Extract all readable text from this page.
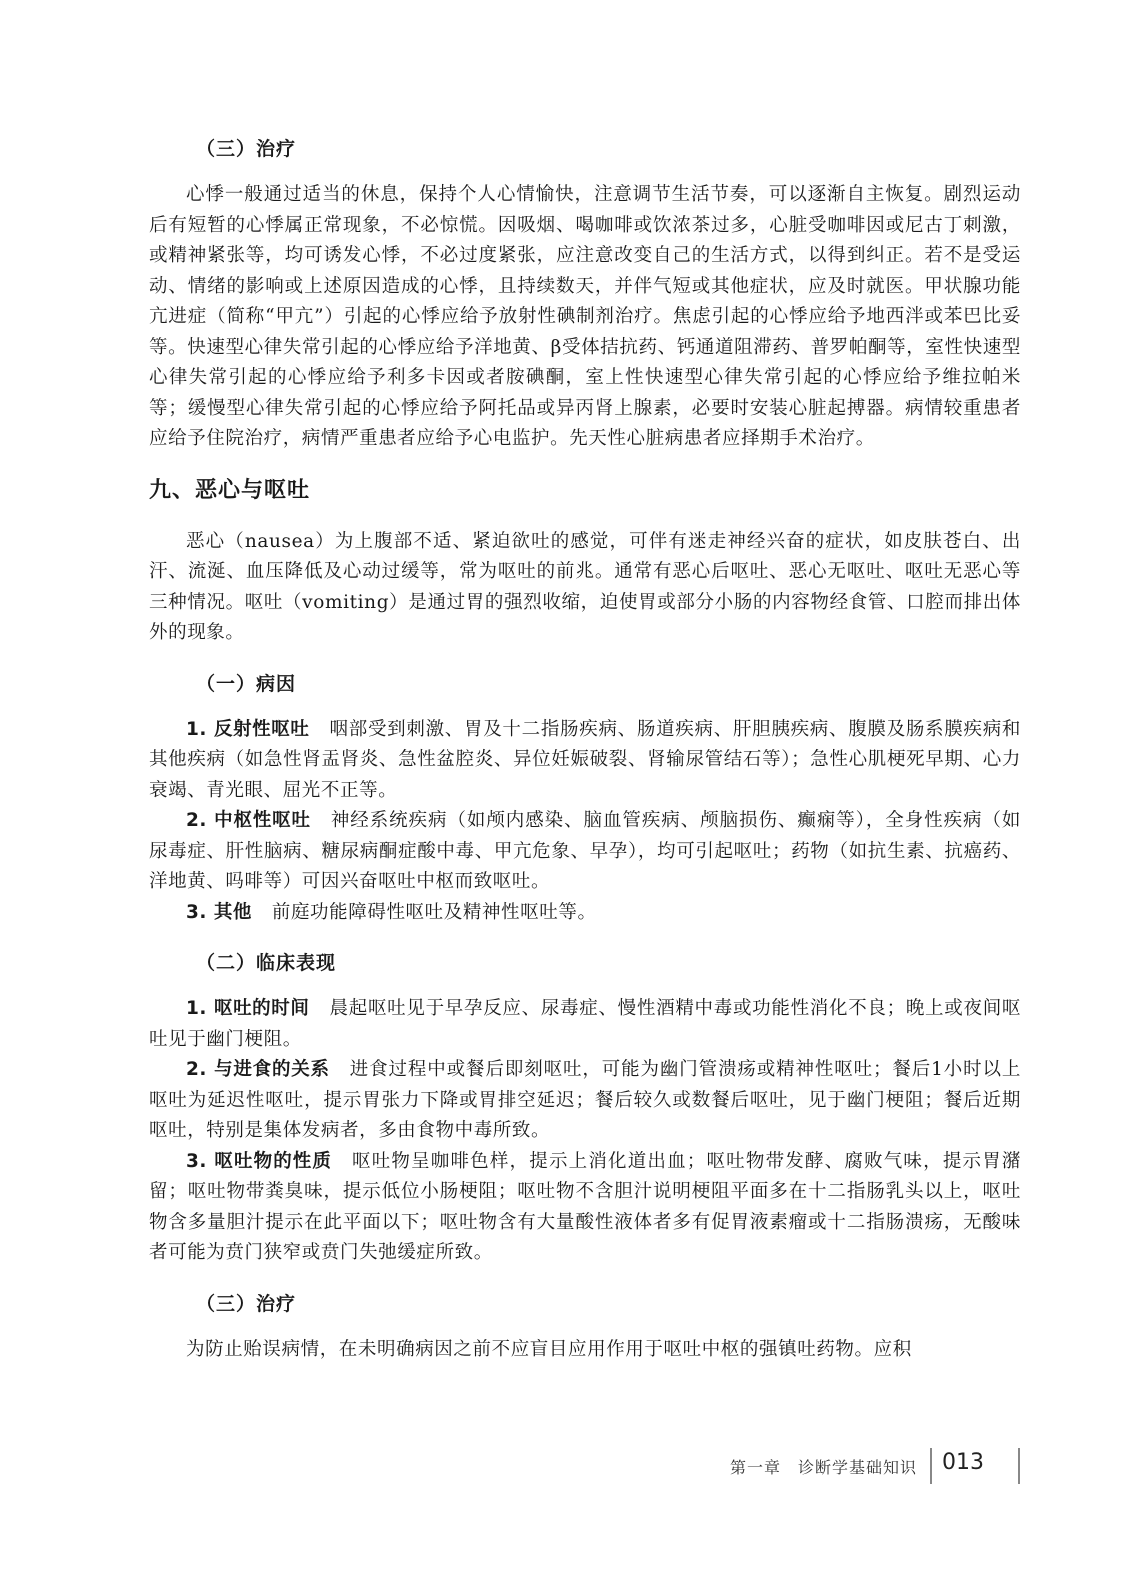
（三）治疗

心悸一般通过适当的休息，保持个人心情愉快，注意调节生活节奏，可以逐渐自主恢复。剧烈运动后有短暂的心悸属正常现象，不必惊慌。因吸烟、喝咖啡或饮浓茶过多，心脏受咖啡因或尼古丁刺激，或精神紧张等，均可诱发心悸，不必过度紧张，应注意改变自己的生活方式，以得到纠正。若不是受运动、情绪的影响或上述原因造成的心悸，且持续数天，并伴气短或其他症状，应及时就医。甲状腺功能亢进症（简称“甲亢”）引起的心悸应给予放射性碘制剂治疗。焦虑引起的心悸应给予地西泮或苯巴比妥等。快速型心律失常引起的心悸应给予洋地黄、β受体拮抗药、钙通道阻滞药、普罗帕酮等，室性快速型心律失常引起的心悸应给予利多卡因或者胺碘酮，室上性快速型心律失常引起的心悸应给予维拉帕米等；缓慢型心律失常引起的心悸应给予阿托品或异丙肾上腺素，必要时安装心脏起搏器。病情较重患者应给予住院治疗，病情严重患者应给予心电监护。先天性心脏病患者应择期手术治疗。

九、恶心与呕吐

恶心（nausea）为上腹部不适、紧迫欲吐的感觉，可伴有迷走神经兴奋的症状，如皮肤苍白、出汗、流涎、血压降低及心动过缓等，常为呕吐的前兆。通常有恶心后呕吐、恶心无呕吐、呕吐无恶心等三种情况。呕吐（vomiting）是通过胃的强烈收缩，迫使胃或部分小肠的内容物经食管、口腔而排出体外的现象。

（一）病因

1. 反射性呕吐 咽部受到刺激、胃及十二指肠疾病、肠道疾病、肝胆胰疾病、腹膜及肠系膜疾病和其他疾病（如急性肾盂肾炎、急性盆腔炎、异位妊娠破裂、肾输尿管结石等）；急性心肌梗死早期、心力衰竭、青光眼、屈光不正等。

2. 中枢性呕吐 神经系统疾病（如颅内感染、脑血管疾病、颅脑损伤、癫痫等），全身性疾病（如尿毒症、肝性脑病、糖尿病酮症酸中毒、甲亢危象、早孕），均可引起呕吐；药物（如抗生素、抗癌药、洋地黄、吗啡等）可因兴奋呕吐中枢而致呕吐。

3. 其他 前庭功能障碍性呕吐及精神性呕吐等。

（二）临床表现

1. 呕吐的时间 晨起呕吐见于早孕反应、尿毒症、慢性酒精中毒或功能性消化不良；晚上或夜间呕吐见于幽门梗阻。

2. 与进食的关系 进食过程中或餐后即刻呕吐，可能为幽门管溃疡或精神性呕吐；餐后1小时以上呕吐为延迟性呕吐，提示胃张力下降或胃排空延迟；餐后较久或数餐后呕吐，见于幽门梗阻；餐后近期呕吐，特别是集体发病者，多由食物中毒所致。

3. 呕吐物的性质 呕吐物呈咖啡色样，提示上消化道出血；呕吐物带发酵、腐败气味，提示胃潴留；呕吐物带粪臭味，提示低位小肠梗阻；呕吐物不含胆汁说明梗阻平面多在十二指肠乳头以上，呕吐物含多量胆汁提示在此平面以下；呕吐物含有大量酸性液体者多有促胃液素瘤或十二指肠溃疡，无酸味者可能为贲门狭窄或贲门失弛缓症所致。

（三）治疗

为防止贻误病情，在未明确病因之前不应盲目应用作用于呕吐中枢的强镇吐药物。应积

第一章　诊断学基础知识 013
